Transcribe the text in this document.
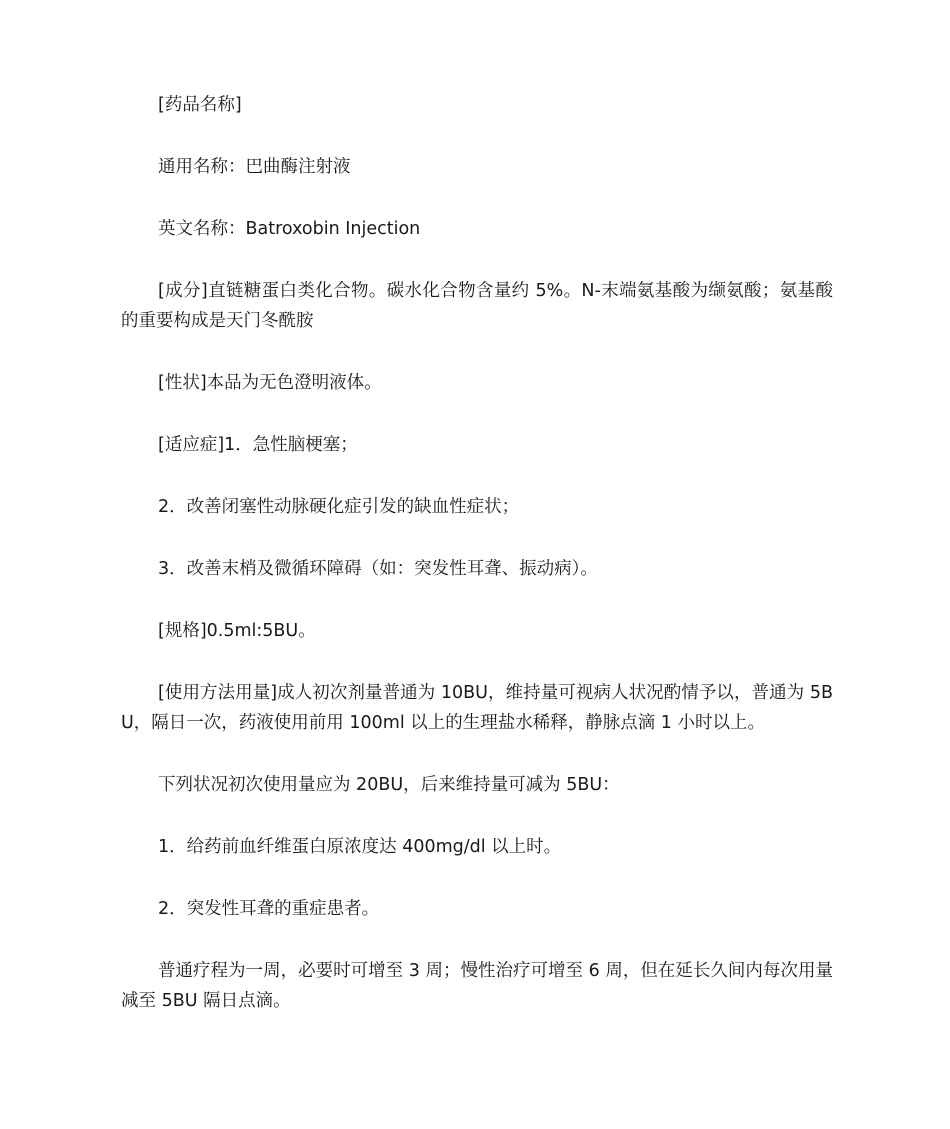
[药品名称]

通用名称：巴曲酶注射液

英文名称：Batroxobin Injection

[成分]直链糖蛋白类化合物。碳水化合物含量约 5%。N-末端氨基酸为缬氨酸；氨基酸的重要构成是天门冬酰胺

[性状]本品为无色澄明液体。

[适应症]1．急性脑梗塞；

2．改善闭塞性动脉硬化症引发的缺血性症状；

3．改善末梢及微循环障碍（如：突发性耳聋、振动病）。

[规格]0.5ml:5BU。

[使用方法用量]成人初次剂量普通为 10BU，维持量可视病人状况酌情予以，普通为 5BU，隔日一次，药液使用前用 100ml 以上的生理盐水稀释，静脉点滴 1 小时以上。

下列状况初次使用量应为 20BU，后来维持量可减为 5BU：

1．给药前血纤维蛋白原浓度达 400mg/dl 以上时。

2．突发性耳聋的重症患者。

普通疗程为一周，必要时可增至 3 周；慢性治疗可增至 6 周，但在延长久间内每次用量减至 5BU 隔日点滴。
